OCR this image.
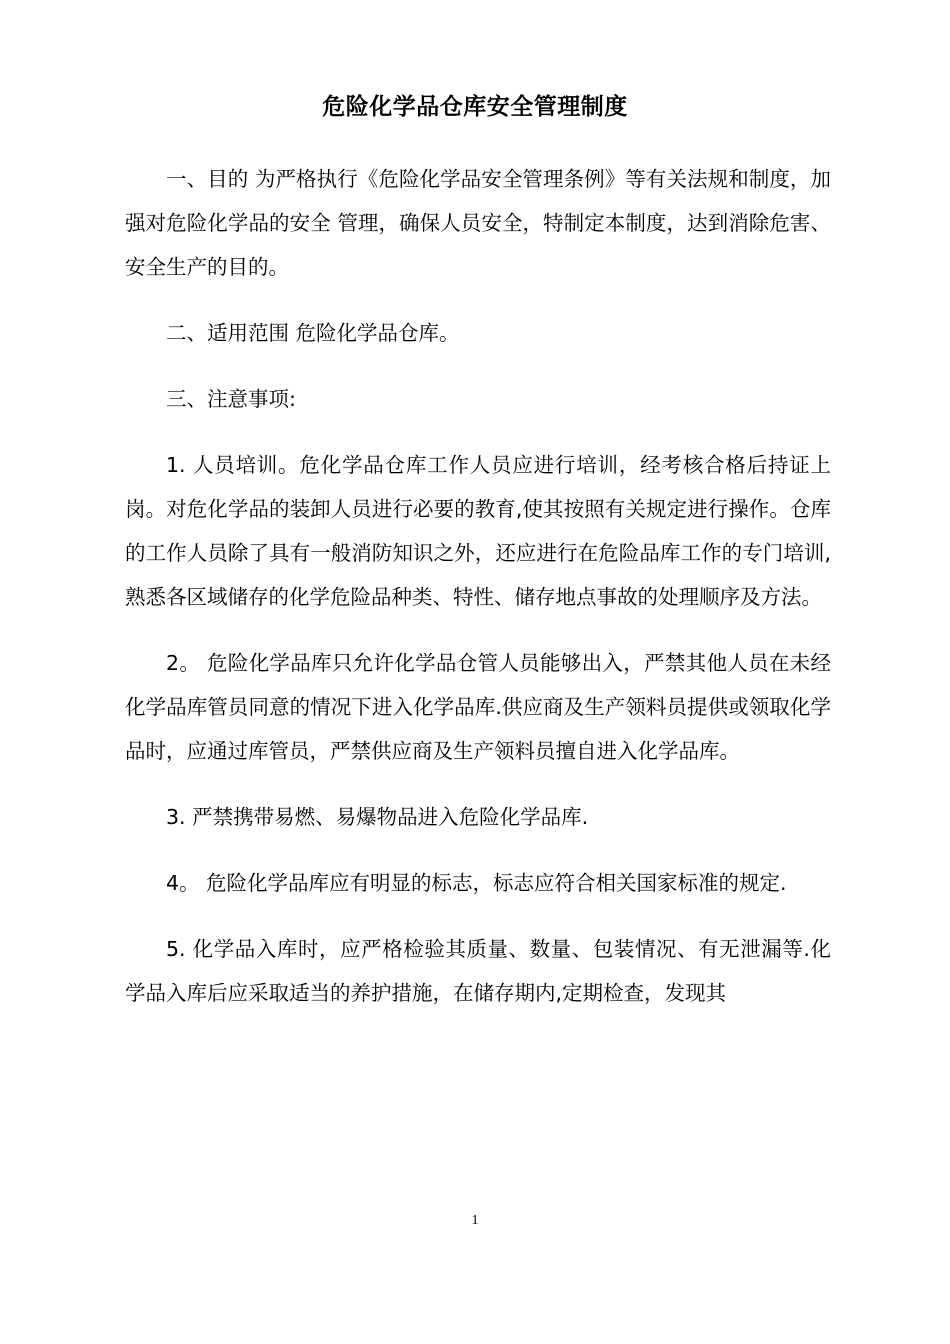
危险化学品仓库安全管理制度

一、目的 为严格执行《危险化学品安全管理条例》等有关法规和制度，加强对危险化学品的安全 管理，确保人员安全，特制定本制度，达到消除危害、安全生产的目的。

二、适用范围 危险化学品仓库。

三、注意事项:

1. 人员培训。危化学品仓库工作人员应进行培训，经考核合格后持证上岗。对危化学品的装卸人员进行必要的教育,使其按照有关规定进行操作。仓库的工作人员除了具有一般消防知识之外，还应进行在危险品库工作的专门培训,熟悉各区域储存的化学危险品种类、特性、储存地点事故的处理顺序及方法。

2。 危险化学品库只允许化学品仓管人员能够出入，严禁其他人员在未经化学品库管员同意的情况下进入化学品库.供应商及生产领料员提供或领取化学品时，应通过库管员，严禁供应商及生产领料员擅自进入化学品库。

3. 严禁携带易燃、易爆物品进入危险化学品库.

4。 危险化学品库应有明显的标志，标志应符合相关国家标准的规定.

5. 化学品入库时，应严格检验其质量、数量、包装情况、有无泄漏等.化学品入库后应采取适当的养护措施，在储存期内,定期检查，发现其

1
